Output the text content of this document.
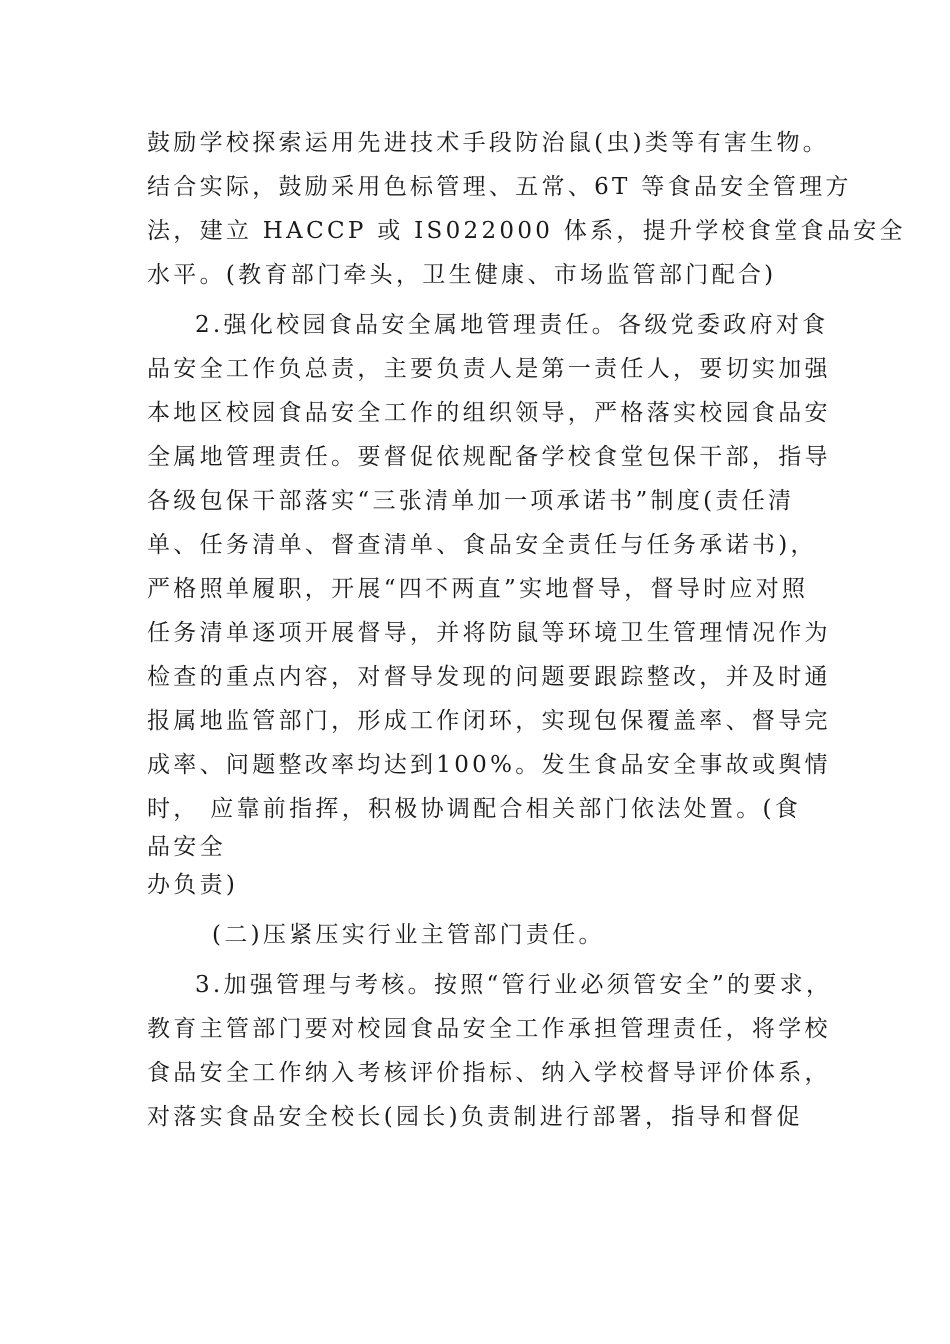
鼓励学校探索运用先进技术手段防治鼠(虫)类等有害生物。
结合实际，鼓励采用色标管理、五常、6T 等食品安全管理方
法，建立 HACCP 或 IS022000 体系，提升学校食堂食品安全
水平。(教育部门牵头，卫生健康、市场监管部门配合)
2.强化校园食品安全属地管理责任。各级党委政府对食
品安全工作负总责，主要负责人是第一责任人，要切实加强
本地区校园食品安全工作的组织领导，严格落实校园食品安
全属地管理责任。要督促依规配备学校食堂包保干部，指导
各级包保干部落实“三张清单加一项承诺书”制度(责任清
单、任务清单、督查清单、食品安全责任与任务承诺书)，
严格照单履职，开展“四不两直”实地督导，督导时应对照
任务清单逐项开展督导，并将防鼠等环境卫生管理情况作为
检查的重点内容，对督导发现的问题要跟踪整改，并及时通
报属地监管部门，形成工作闭环，实现包保覆盖率、督导完
成率、问题整改率均达到100%。发生食品安全事故或舆情
时， 应靠前指挥，积极协调配合相关部门依法处置。(食
品安全
办负责)
(二)压紧压实行业主管部门责任。
3.加强管理与考核。按照“管行业必须管安全”的要求，
教育主管部门要对校园食品安全工作承担管理责任，将学校
食品安全工作纳入考核评价指标、纳入学校督导评价体系，
对落实食品安全校长(园长)负责制进行部署，指导和督促
